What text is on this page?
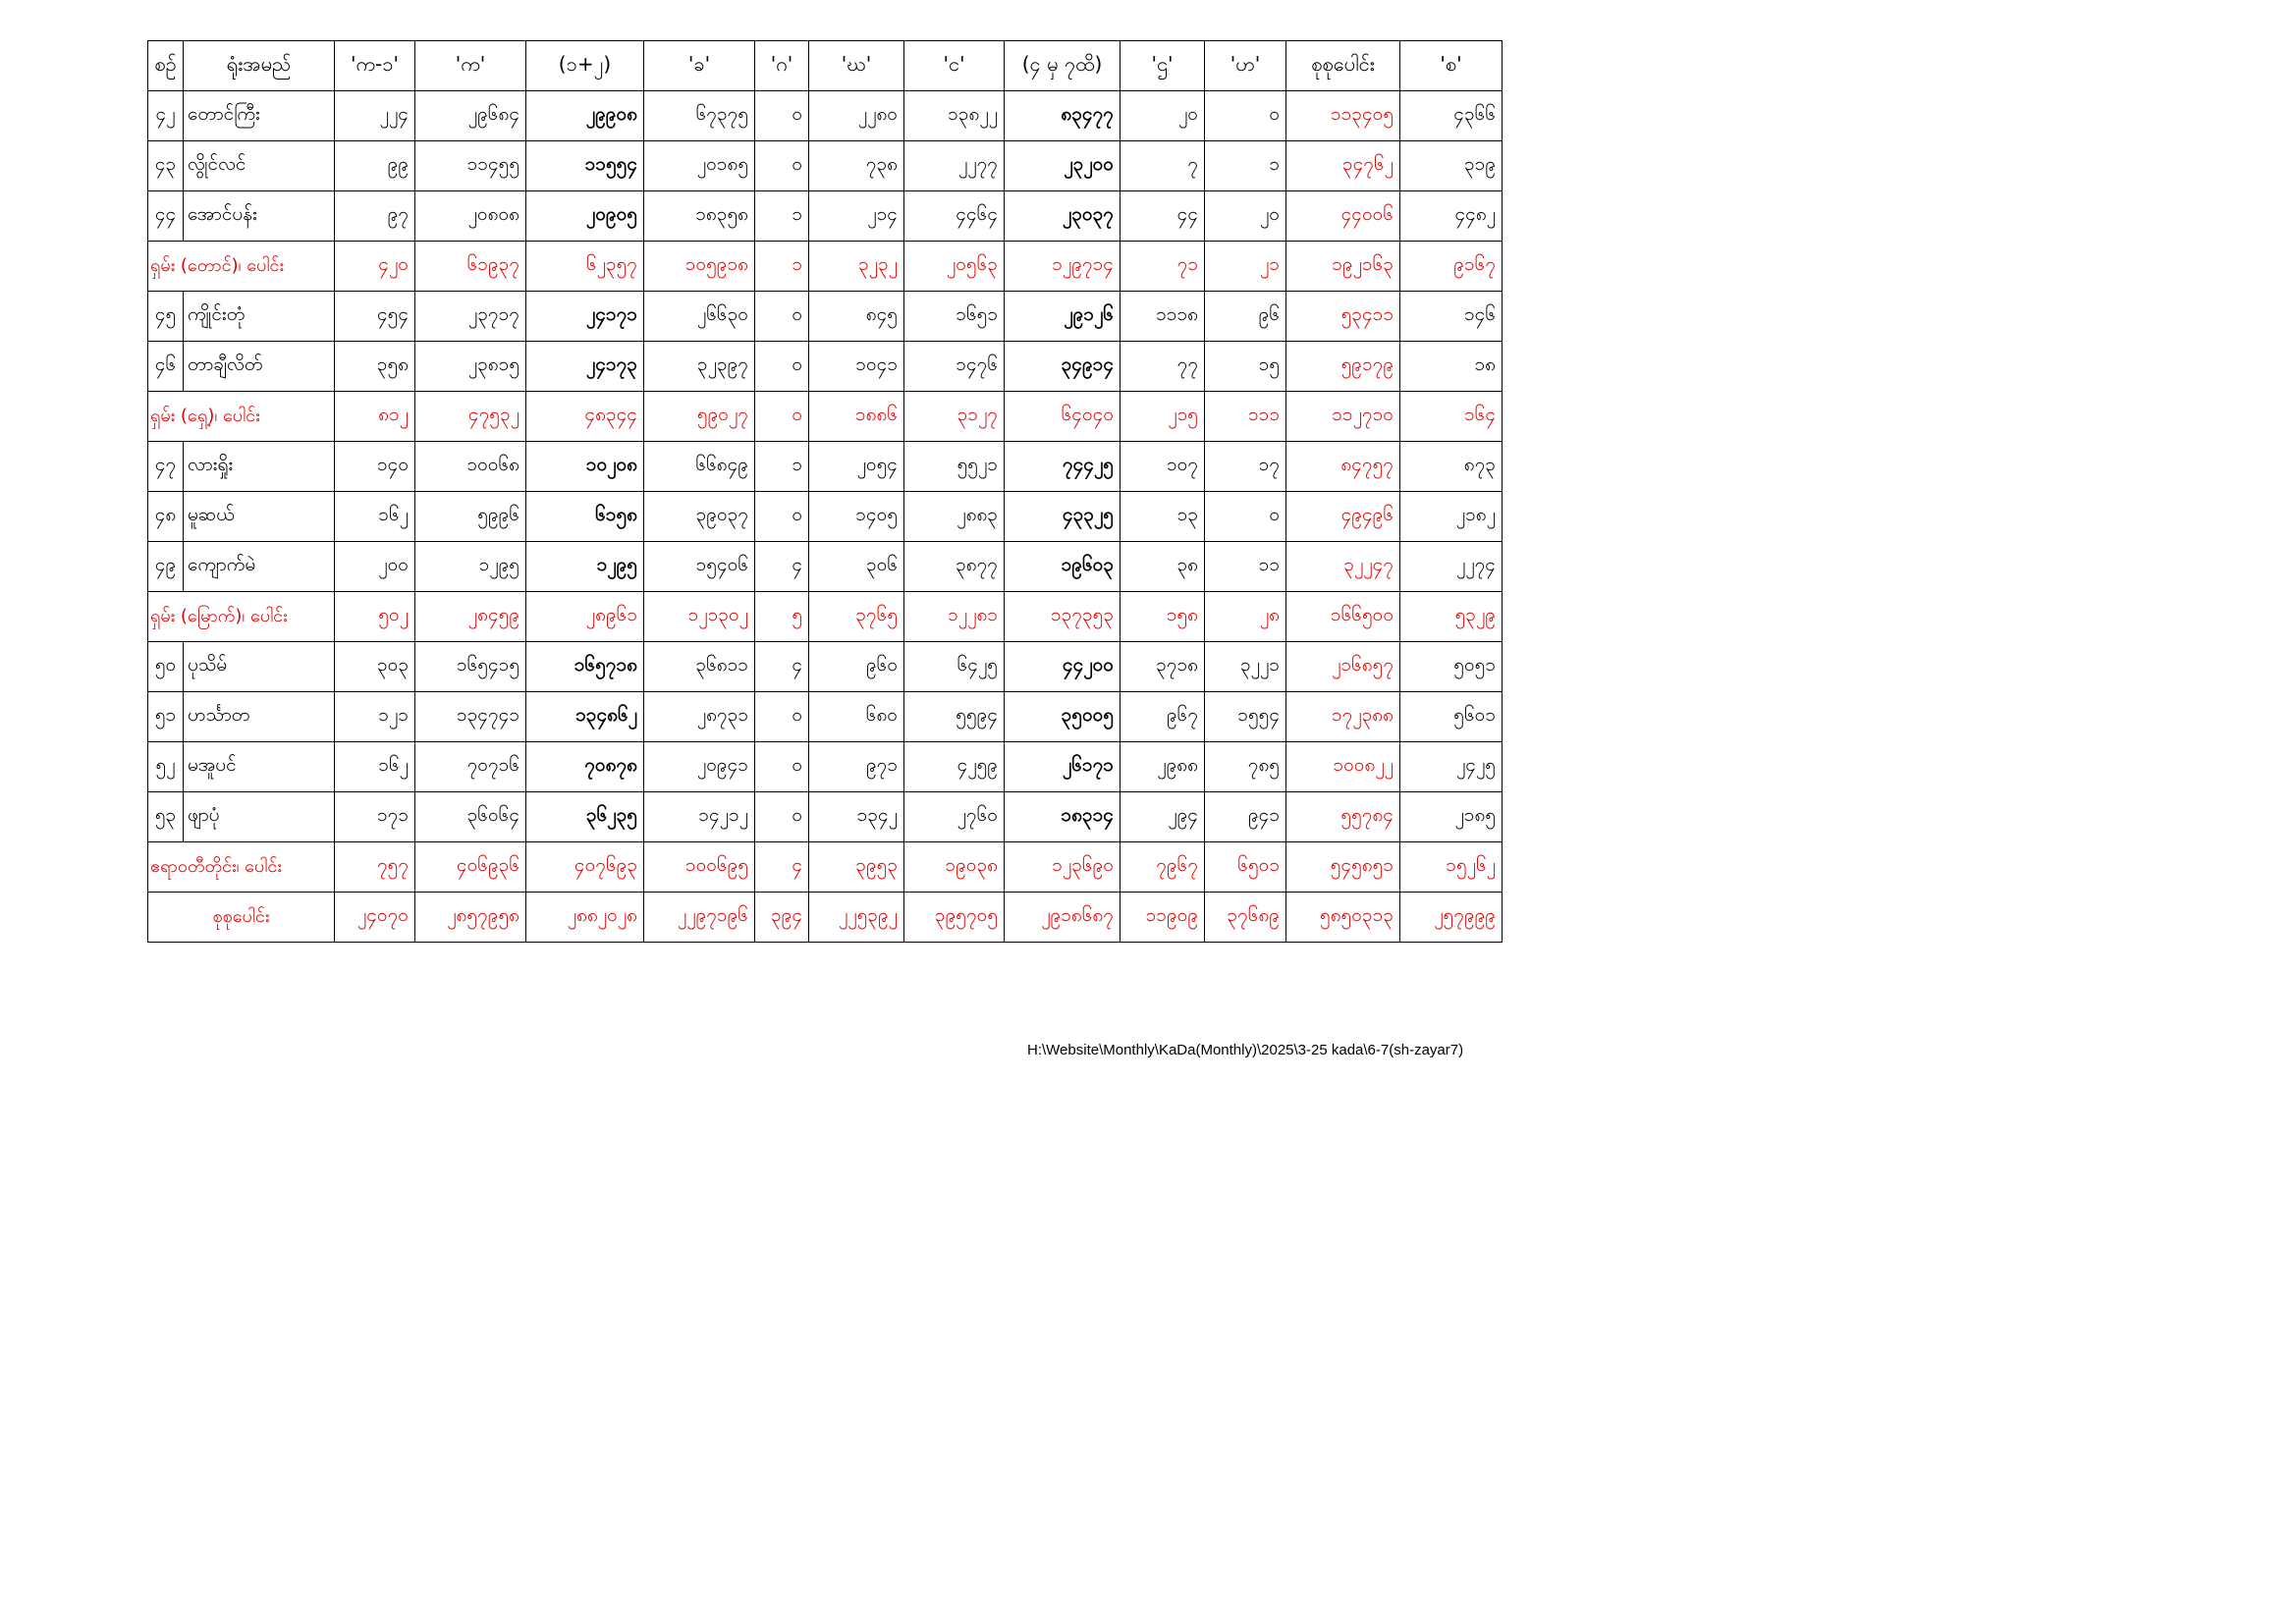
စဉ်	ရုံးအမည်	'က-၁'	'က'	(၁+၂)	'ခ'	'ဂ'	'ဃ'	'င'	(၄ မှ ၇ထိ)	'ဌ'	'ဟ'	စုစုပေါင်း	'စ'
၄၂	တောင်ကြီး	၂၂၄	၂၉၆၈၄	၂၉၉၀၈	၆၇၃၇၅	၀	၂၂၈၀	၁၃၈၂၂	၈၃၄၇၇	၂၀	၀	၁၁၃၄၀၅	၄၃၆၆
၄၃	လွိုင်လင်	၉၉	၁၁၄၅၅	၁၁၅၅၄	၂၀၁၈၅	၀	၇၃၈	၂၂၇၇	၂၃၂၀၀	၇	၁	၃၄၇၆၂	၃၁၉
၄၄	အောင်ပန်း	၉၇	၂၀၈၀၈	၂၀၉၀၅	၁၈၃၅၈	၁	၂၁၄	၄၄၆၄	၂၃၀၃၇	၄၄	၂၀	၄၄၀၀၆	၄၄၈၂
ရှမ်း (တောင်)၊ ပေါင်း		၄၂၀	၆၁၉၃၇	၆၂၃၅၇	၁၀၅၉၁၈	၁	၃၂၃၂	၂၀၅၆၃	၁၂၉၇၁၄	၇၁	၂၁	၁၉၂၁၆၃	၉၁၆၇
၄၅	ကျိုင်းတုံ	၄၅၄	၂၃၇၁၇	၂၄၁၇၁	၂၆၆၃၀	၀	၈၄၅	၁၆၅၁	၂၉၁၂၆	၁၁၁၈	၉၆	၅၃၄၁၁	၁၄၆
၄၆	တာချီလိတ်	၃၅၈	၂၃၈၁၅	၂၄၁၇၃	၃၂၃၉၇	၀	၁၀၄၁	၁၄၇၆	၃၄၉၁၄	၇၇	၁၅	၅၉၁၇၉	၁၈
ရှမ်း (ရှေ့)၊ ပေါင်း		၈၁၂	၄၇၅၃၂	၄၈၃၄၄	၅၉၀၂၇	၀	၁၈၈၆	၃၁၂၇	၆၄၀၄၀	၂၁၅	၁၁၁	၁၁၂၇၁၀	၁၆၄
၄၇	လားရှိုး	၁၄၀	၁၀၀၆၈	၁၀၂၀၈	၆၆၈၄၉	၁	၂၀၅၄	၅၅၂၁	၇၄၄၂၅	၁၀၇	၁၇	၈၄၇၅၇	၈၇၃
၄၈	မူဆယ်	၁၆၂	၅၉၉၆	၆၁၅၈	၃၉၀၃၇	၀	၁၄၀၅	၂၈၈၃	၄၃၃၂၅	၁၃	၀	၄၉၄၉၆	၂၁၈၂
၄၉	ကျောက်မဲ	၂၀၀	၁၂၉၅	၁၂၉၅	၁၅၄၀၆	၄	၃၀၆	၃၈၇၇	၁၉၆၀၃	၃၈	၁၁	၃၂၂၄၇	၂၂၇၄
ရှမ်း (မြောက်)၊ ပေါင်း		၅၀၂	၂၈၄၅၉	၂၈၉၆၁	၁၂၁၃၀၂	၅	၃၇၆၅	၁၂၂၈၁	၁၃၇၃၅၃	၁၅၈	၂၈	၁၆၆၅၀၀	၅၃၂၉
၅၀	ပုသိမ်	၃၀၃	၁၆၅၄၁၅	၁၆၅၇၁၈	၃၆၈၁၁	၄	၉၆၀	၆၄၂၅	၄၄၂၀၀	၃၇၁၈	၃၂၂၁	၂၁၆၈၅၇	၅၀၅၁
၅၁	ဟင်္သာတ	၁၂၁	၁၃၄၇၄၁	၁၃၄၈၆၂	၂၈၇၃၁	၀	၆၈၀	၅၅၉၄	၃၅၀၀၅	၉၆၇	၁၅၅၄	၁၇၂၃၈၈	၅၆၀၁
၅၂	မအူပင်	၁၆၂	၇၀၇၁၆	၇၀၈၇၈	၂၀၉၄၁	၀	၉၇၁	၄၂၅၉	၂၆၁၇၁	၂၉၈၈	၇၈၅	၁၀၀၈၂၂	၂၄၂၅
၅၃	ဖျာပုံ	၁၇၁	၃၆၀၆၄	၃၆၂၃၅	၁၄၂၁၂	၀	၁၃၄၂	၂၇၆၀	၁၈၃၁၄	၂၉၄	၉၄၁	၅၅၇၈၄	၂၁၈၅
ဧရာဝတီတိုင်း၊ ပေါင်း		၇၅၇	၄၀၆၉၃၆	၄၀၇၆၉၃	၁၀၀၆၉၅	၄	၃၉၅၃	၁၉၀၃၈	၁၂၃၆၉၀	၇၉၆၇	၆၅၀၁	၅၄၅၈၅၁	၁၅၂၆၂
စုစုပေါင်း		၂၄၀၇၀	၂၈၅၇၉၅၈	၂၈၈၂၀၂၈	၂၂၉၇၁၉၆	၃၉၄	၂၂၅၃၉၂	၃၉၅၇၀၅	၂၉၁၈၆၈၇	၁၁၉၀၉	၃၇၆၈၉	၅၈၅၀၃၁၃	၂၅၇၉၉၉
H:\Website\Monthly\KaDa(Monthly)\2025\3-25 kada\6-7(sh-zayar7)
